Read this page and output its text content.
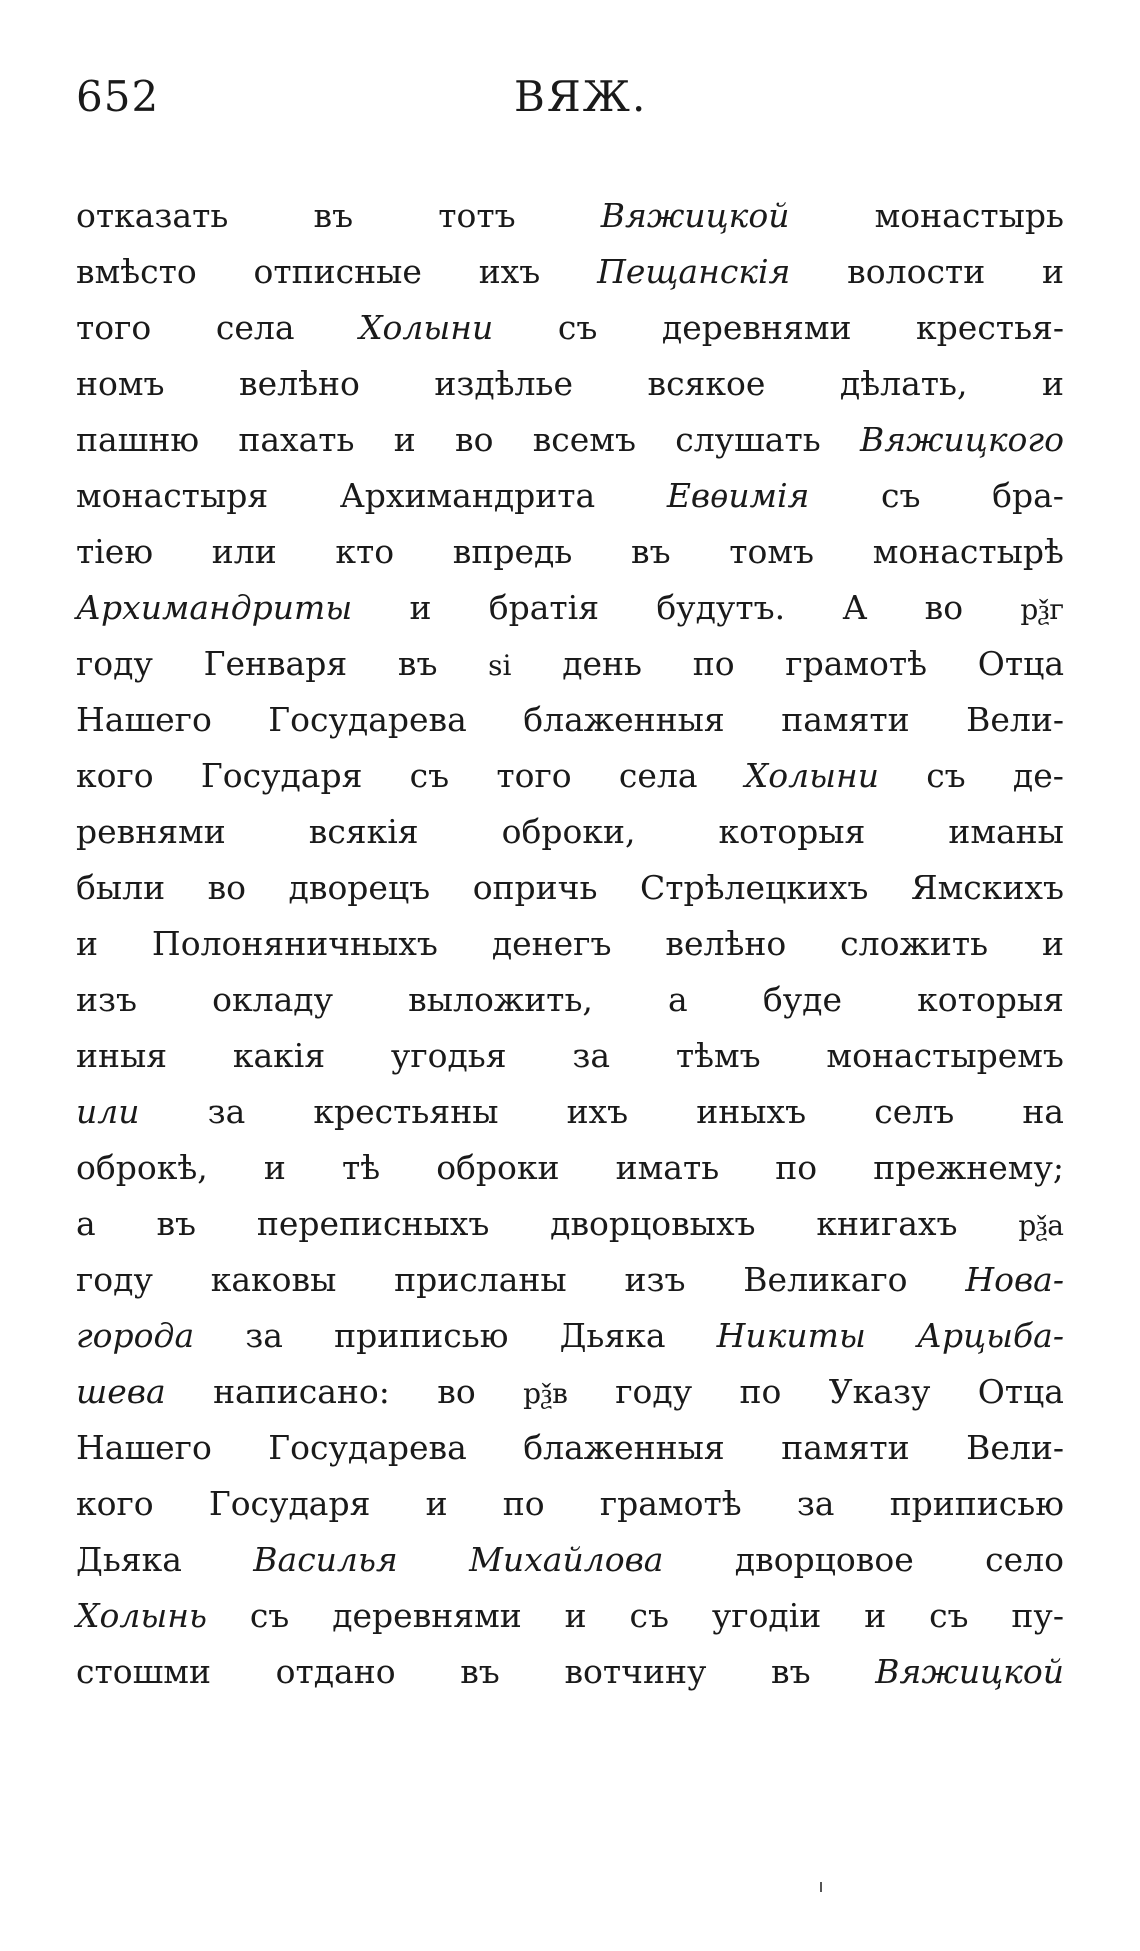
652	ВЯЖ.
отказать	въ	тотъ	Вяжицкой	монастырь
вмѣсто отписные ихъ Пещанскія волости и
того села Холыни съ деревнями крестья-
номъ велѣно издѣлье всякое дѣлать, и
пашню пахать и во всемъ слушать Вяжицкого
монастыря Архимандрита Евѳимія съ бра-
тіею или кто впредь въ томъ монастырѣ
Архимандриты и братія будутъ. А во рѯг
году Генваря въ ѕі день по грамотѣ Отца
Нашего Государева блаженныя памяти Вели-
кого Государя съ того села Холыни съ де-
ревнями	всякія	оброки,	которыя	иманы
были во дворецъ опричь Стрѣлецкихъ Ямскихъ
и Полоняничныхъ денегъ велѣно сложить и
изъ окладу выложить, а буде которыя
иныя какія угодья за тѣмъ монастыремъ
или за крестьяны ихъ иныхъ селъ на
оброкѣ, и тѣ оброки имать по прежнему;
а въ переписныхъ дворцовыхъ книгахъ рѯа
году каковы присланы изъ Великаго Нова-
города за приписью Дьяка Никиты Арцыба-
шева написано: во рѯв году по Указу Отца
Нашего Государева блаженныя памяти Вели-
кого Государя и по грамотѣ за приписью
Дьяка Василья Михайлова дворцовое село
Холынь съ деревнями и съ угодіи и съ пу-
стошми отдано въ вотчину въ Вяжицкой
